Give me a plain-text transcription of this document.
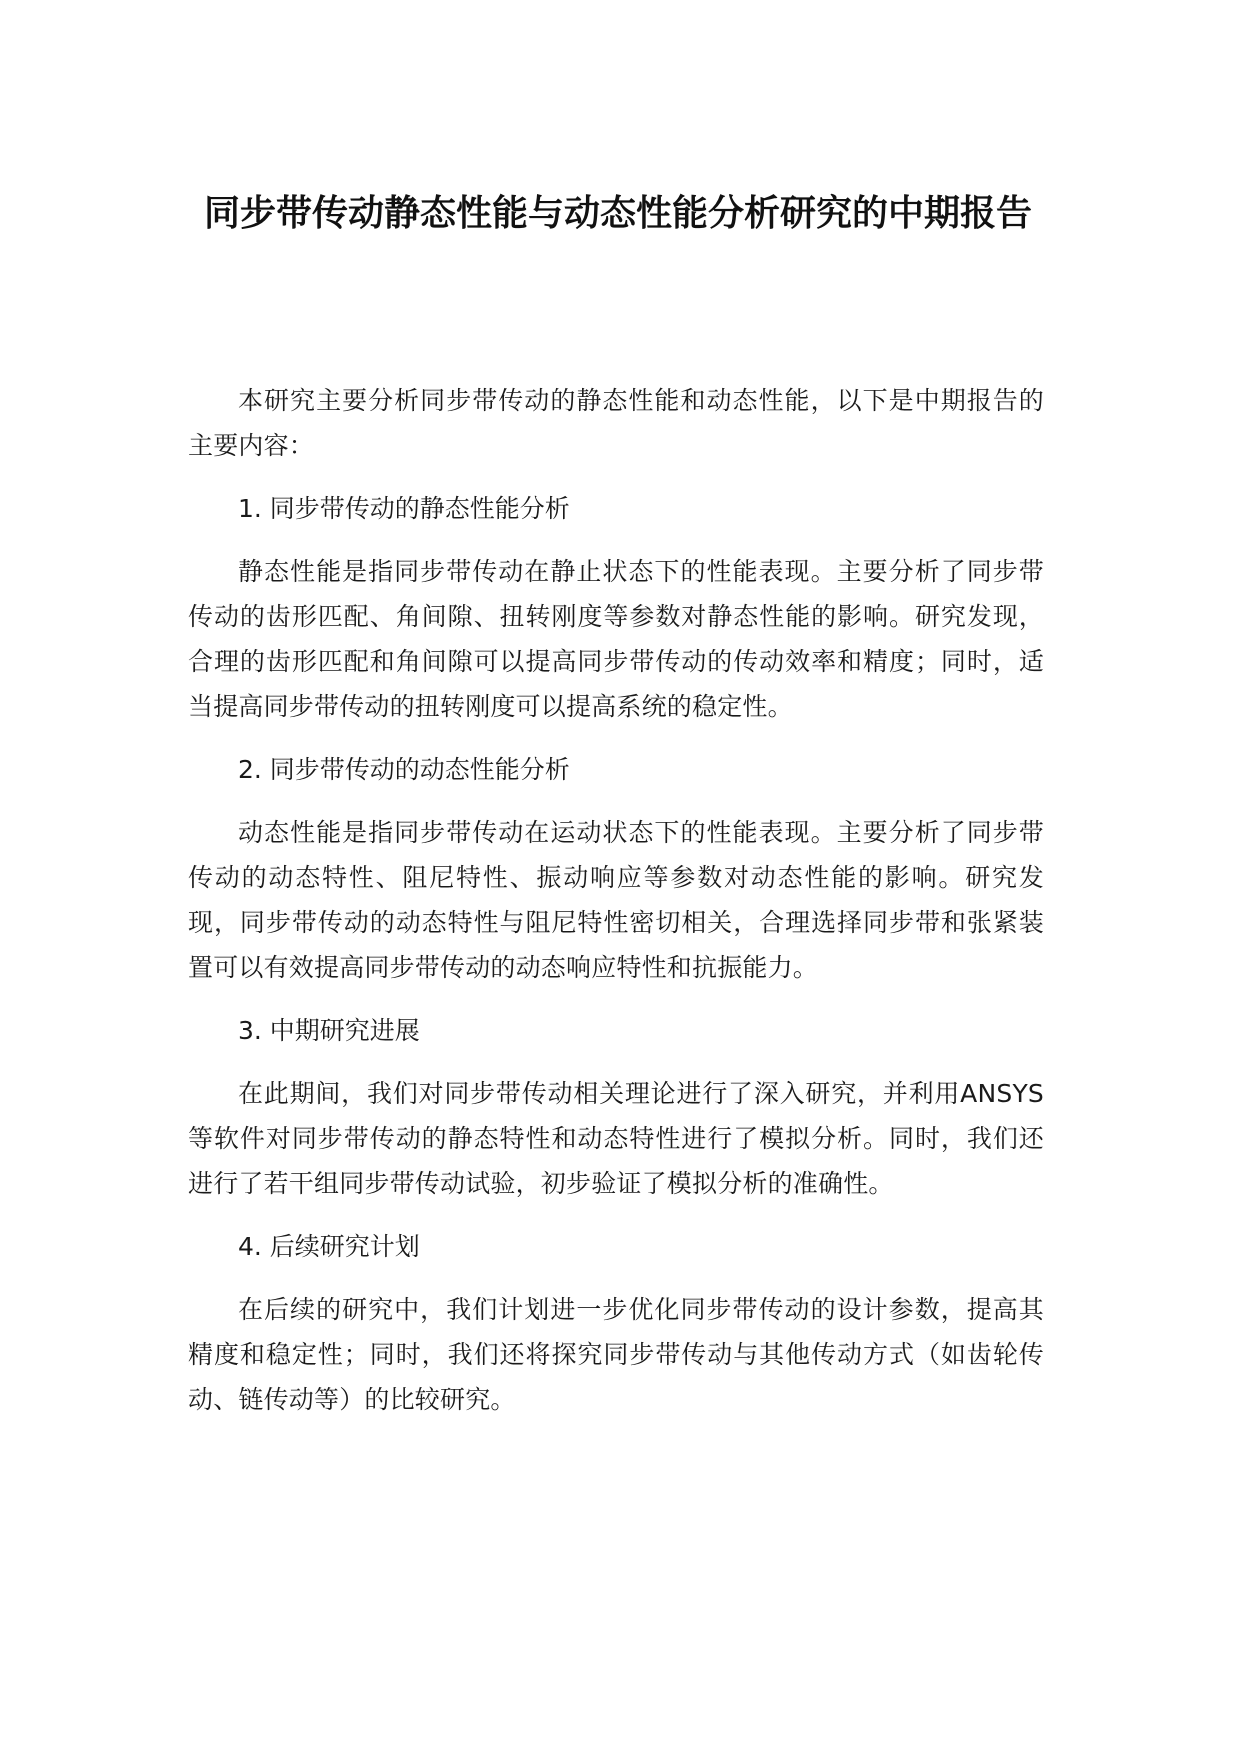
同步带传动静态性能与动态性能分析研究的中期报告

本研究主要分析同步带传动的静态性能和动态性能，以下是中期报告的主要内容：

1. 同步带传动的静态性能分析

静态性能是指同步带传动在静止状态下的性能表现。主要分析了同步带传动的齿形匹配、角间隙、扭转刚度等参数对静态性能的影响。研究发现，合理的齿形匹配和角间隙可以提高同步带传动的传动效率和精度；同时，适当提高同步带传动的扭转刚度可以提高系统的稳定性。

2. 同步带传动的动态性能分析

动态性能是指同步带传动在运动状态下的性能表现。主要分析了同步带传动的动态特性、阻尼特性、振动响应等参数对动态性能的影响。研究发现，同步带传动的动态特性与阻尼特性密切相关，合理选择同步带和张紧装置可以有效提高同步带传动的动态响应特性和抗振能力。

3. 中期研究进展

在此期间，我们对同步带传动相关理论进行了深入研究，并利用ANSYS 等软件对同步带传动的静态特性和动态特性进行了模拟分析。同时，我们还进行了若干组同步带传动试验，初步验证了模拟分析的准确性。

4. 后续研究计划

在后续的研究中，我们计划进一步优化同步带传动的设计参数，提高其精度和稳定性；同时，我们还将探究同步带传动与其他传动方式（如齿轮传动、链传动等）的比较研究。
